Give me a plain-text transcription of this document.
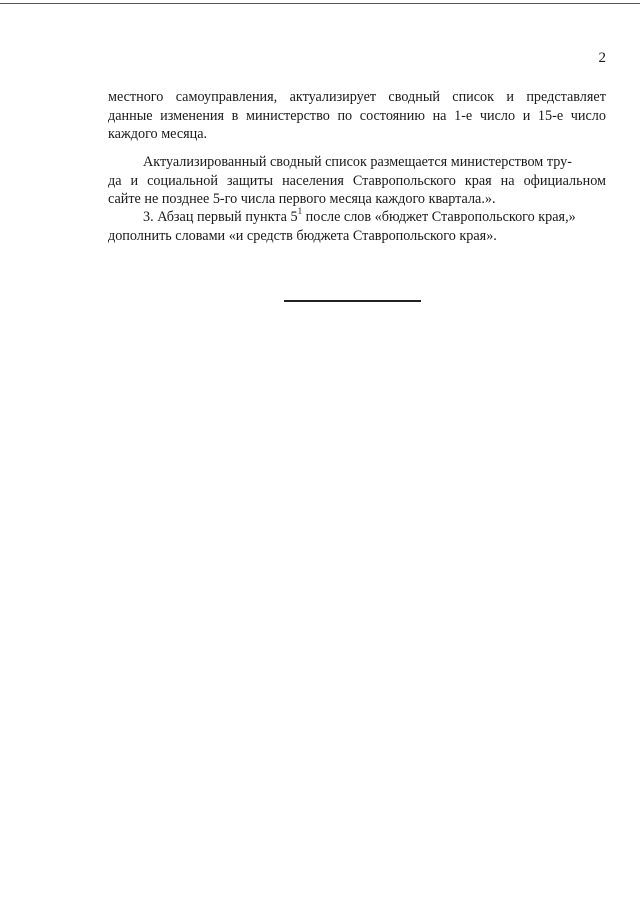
2
местного самоуправления, актуализирует сводный список и представляет
данные изменения в министерство по состоянию на 1-е число и 15-е число
каждого месяца.
Актуализированный сводный список размещается министерством тру-
да и социальной защиты населения Ставропольского края на официальном
сайте не позднее 5-го числа первого месяца каждого квартала.».
3. Абзац первый пункта $5^1$ после слов «бюджет Ставропольского края,»
дополнить словами «и средств бюджета Ставропольского края».
